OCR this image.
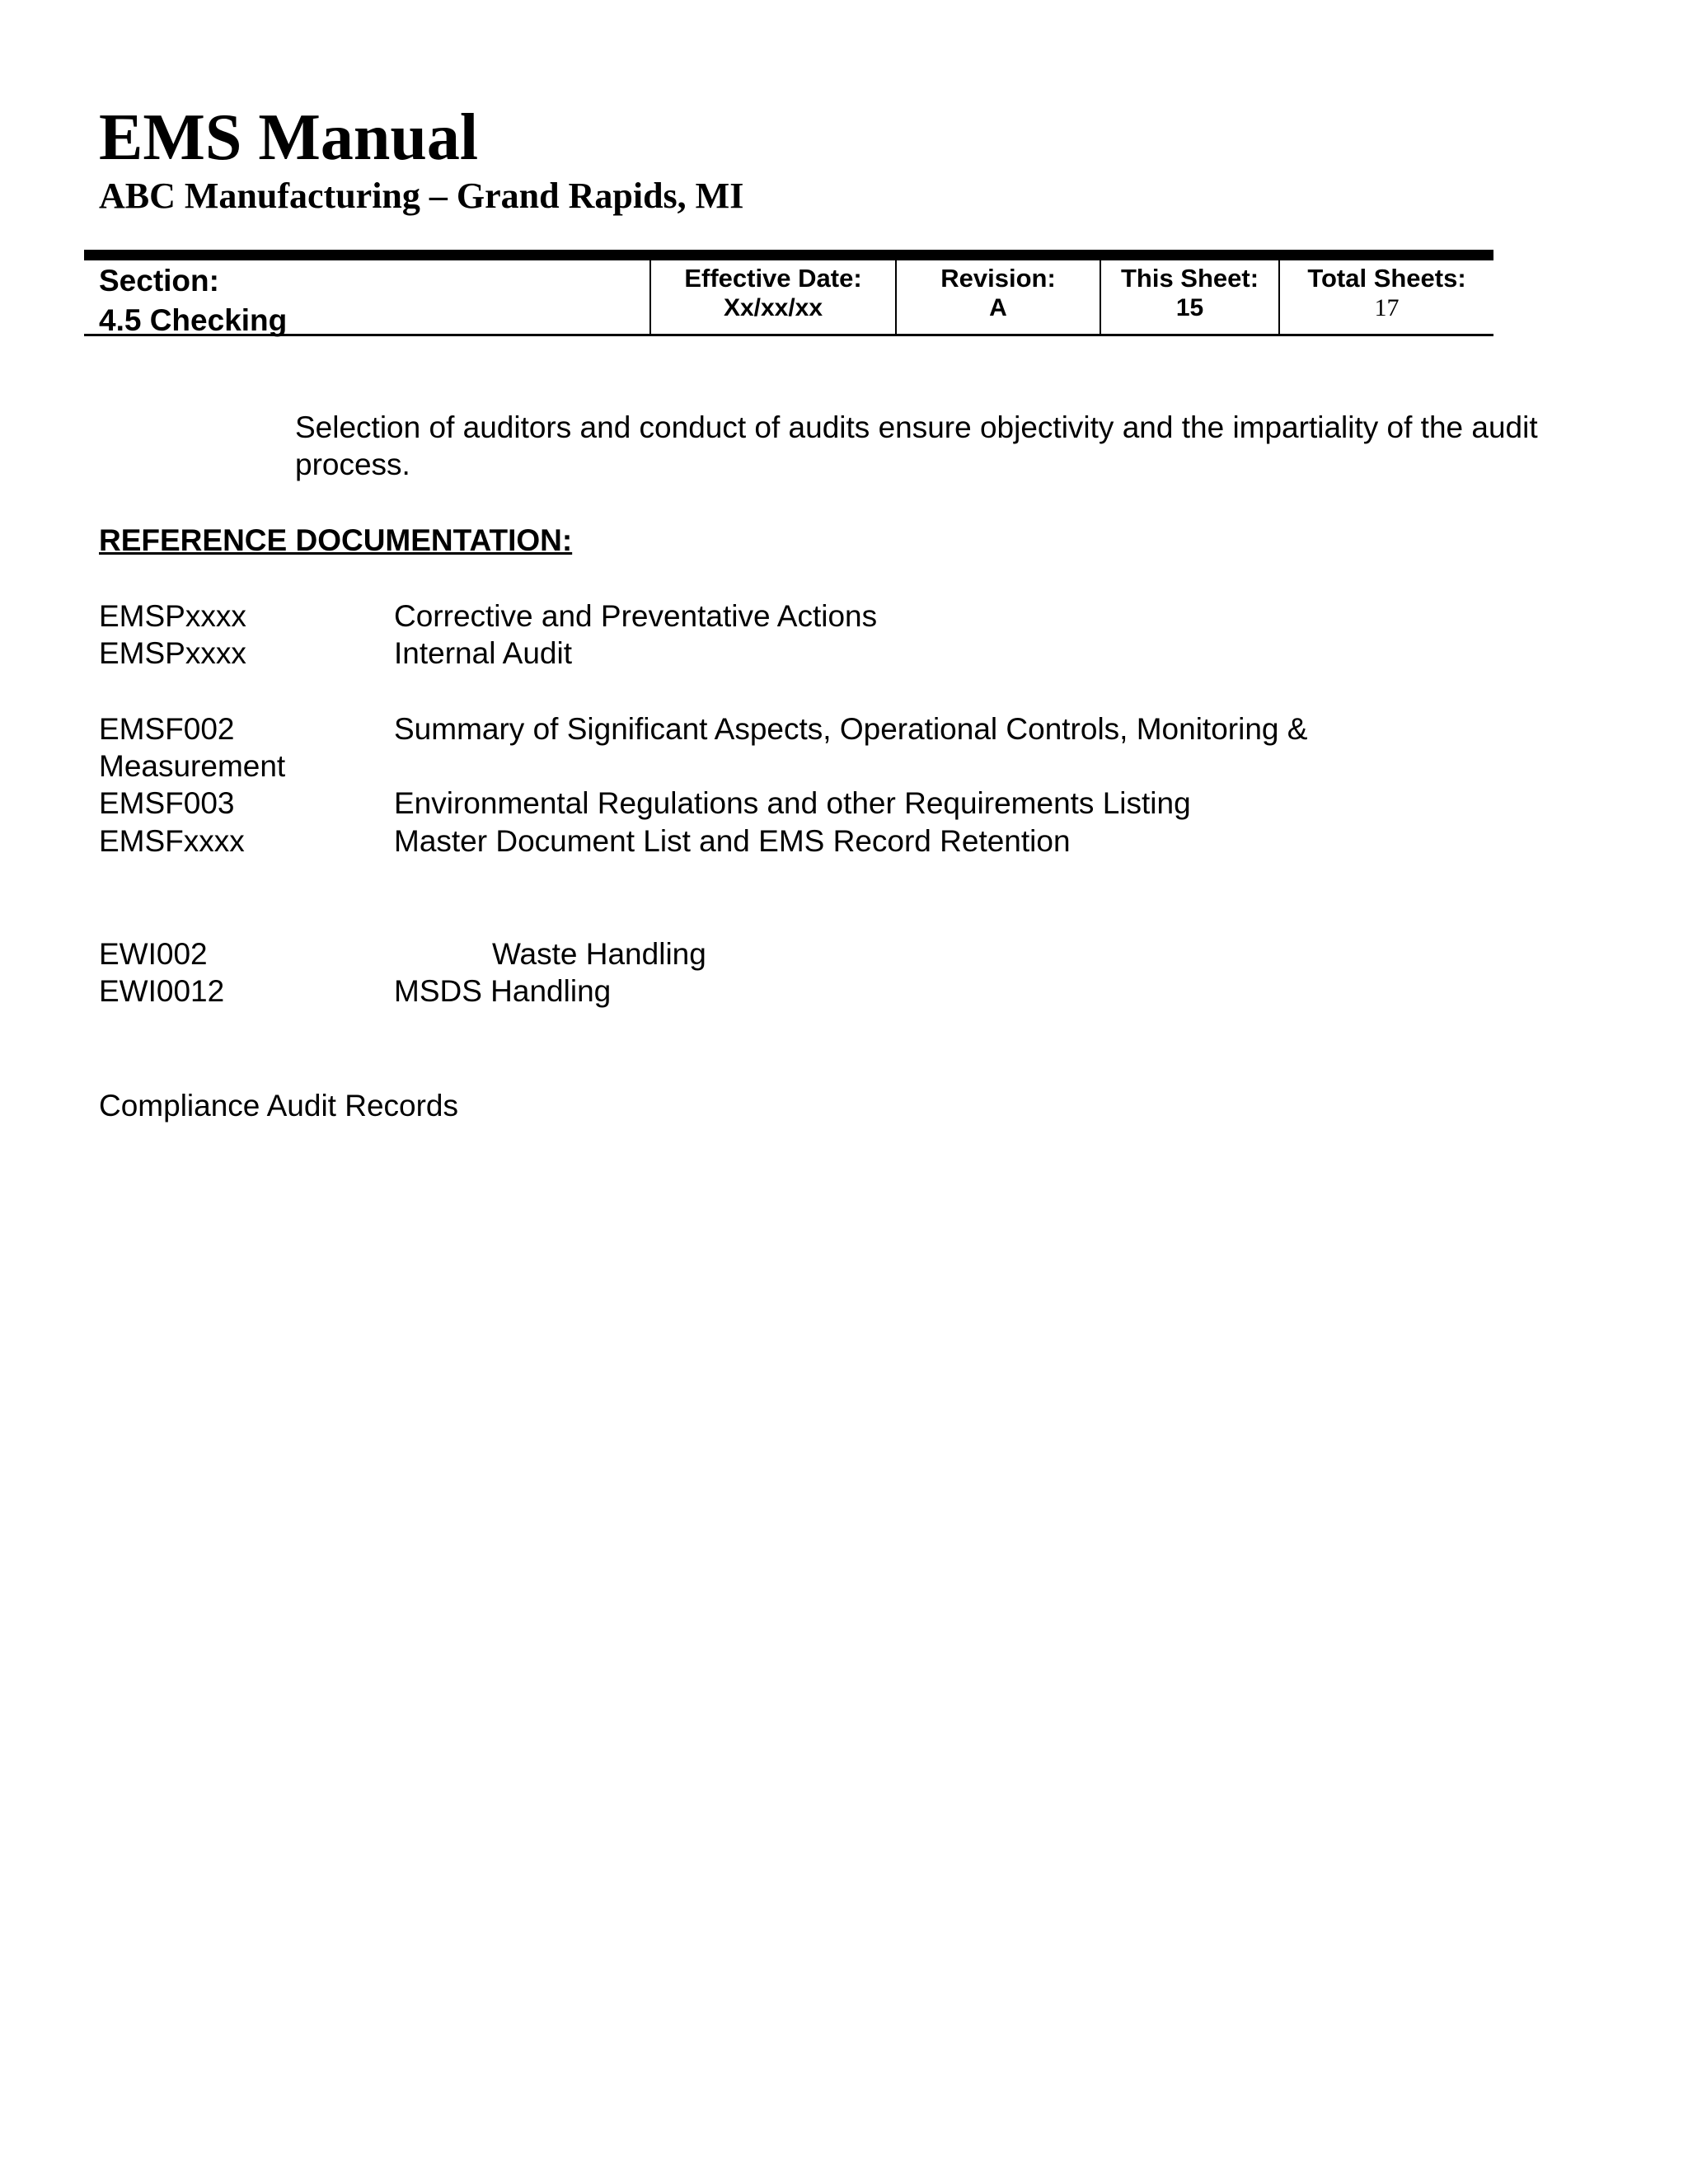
EMS Manual
ABC Manufacturing – Grand Rapids, MI
Section:
4.5 Checking
Effective Date:
Xx/xx/xx
Revision:
A
This Sheet:
15
Total Sheets:
17
Selection of auditors and conduct of audits ensure objectivity and the impartiality of the audit process.
REFERENCE DOCUMENTATION:
EMSPxxxx	Corrective and Preventative Actions
EMSPxxxx	Internal Audit
EMSF002	Summary of Significant Aspects, Operational Controls, Monitoring &
Measurement
EMSF003	Environmental Regulations and other Requirements Listing
EMSFxxxx	Master Document List and EMS Record Retention
EWI002	Waste Handling
EWI0012	MSDS Handling
Compliance Audit Records
